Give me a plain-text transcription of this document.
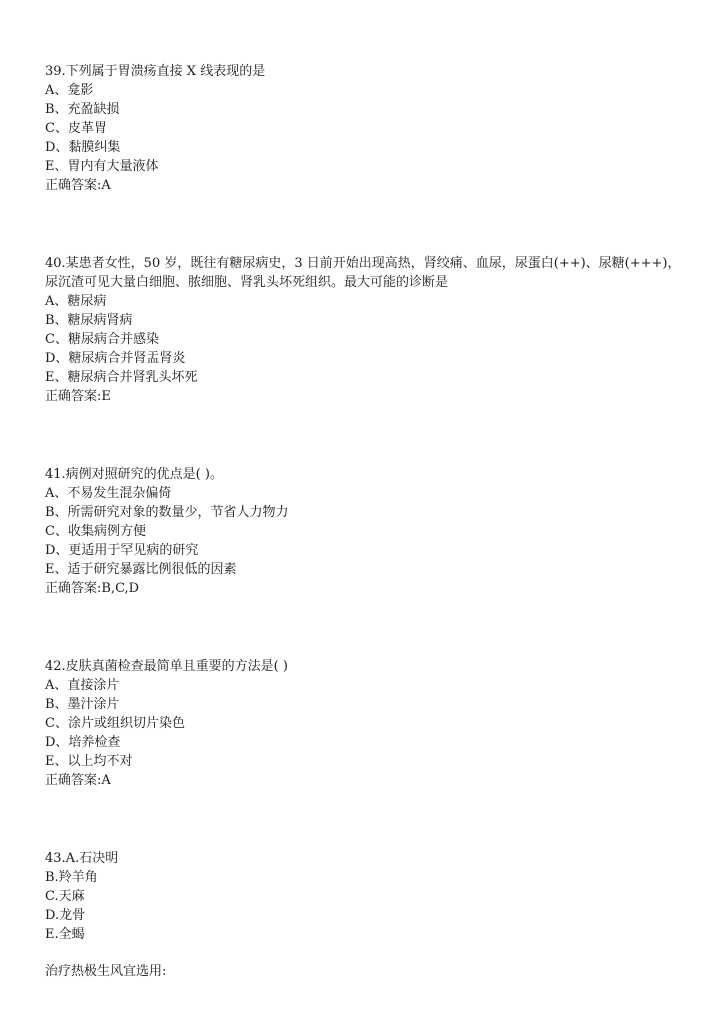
39.下列属于胃溃疡直接 X 线表现的是
A、龛影
B、充盈缺损
C、皮革胃
D、黏膜纠集
E、胃内有大量液体
正确答案:A
40.某患者女性，50 岁，既往有糖尿病史，3 日前开始出现高热，肾绞痛、血尿，尿蛋白(++)、尿糖(+++)，尿沉渣可见大量白细胞、脓细胞、肾乳头坏死组织。最大可能的诊断是
A、糖尿病
B、糖尿病肾病
C、糖尿病合并感染
D、糖尿病合并肾盂肾炎
E、糖尿病合并肾乳头坏死
正确答案:E
41.病例对照研究的优点是( )。
A、不易发生混杂偏倚
B、所需研究对象的数量少，节省人力物力
C、收集病例方便
D、更适用于罕见病的研究
E、适于研究暴露比例很低的因素
正确答案:B,C,D
42.皮肤真菌检查最简单且重要的方法是( )
A、直接涂片
B、墨汁涂片
C、涂片或组织切片染色
D、培养检查
E、以上均不对
正确答案:A
43.A.石决明
B.羚羊角
C.天麻
D.龙骨
E.全蝎
治疗热极生风宜选用:
